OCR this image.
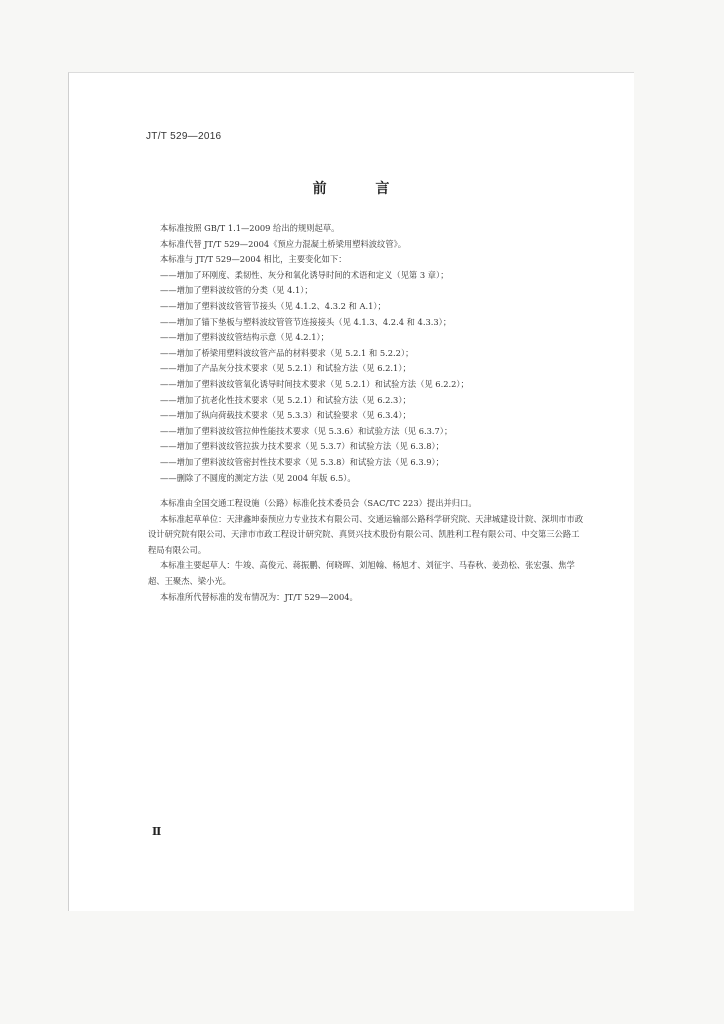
JT/T 529—2016
前 言
本标准按照 GB/T 1.1—2009 给出的规则起草。
本标准代替 JT/T 529—2004《预应力混凝土桥梁用塑料波纹管》。
本标准与 JT/T 529—2004 相比，主要变化如下：
——增加了环刚度、柔韧性、灰分和氧化诱导时间的术语和定义（见第 3 章）；
——增加了塑料波纹管的分类（见 4.1）；
——增加了塑料波纹管管节接头（见 4.1.2、4.3.2 和 A.1）；
——增加了锚下垫板与塑料波纹管管节连接接头（见 4.1.3、4.2.4 和 4.3.3）；
——增加了塑料波纹管结构示意（见 4.2.1）；
——增加了桥梁用塑料波纹管产品的材料要求（见 5.2.1 和 5.2.2）；
——增加了产品灰分技术要求（见 5.2.1）和试验方法（见 6.2.1）；
——增加了塑料波纹管氧化诱导时间技术要求（见 5.2.1）和试验方法（见 6.2.2）；
——增加了抗老化性技术要求（见 5.2.1）和试验方法（见 6.2.3）；
——增加了纵向荷载技术要求（见 5.3.3）和试验要求（见 6.3.4）；
——增加了塑料波纹管拉伸性能技术要求（见 5.3.6）和试验方法（见 6.3.7）；
——增加了塑料波纹管拉拔力技术要求（见 5.3.7）和试验方法（见 6.3.8）；
——增加了塑料波纹管密封性技术要求（见 5.3.8）和试验方法（见 6.3.9）；
——删除了不圆度的测定方法（见 2004 年版 6.5）。
本标准由全国交通工程设施（公路）标准化技术委员会（SAC/TC 223）提出并归口。
本标准起草单位：天津鑫坤泰预应力专业技术有限公司、交通运输部公路科学研究院、天津城建设计院、深圳市市政设计研究院有限公司、天津市市政工程设计研究院、真贤兴技术股份有限公司、凯胜利工程有限公司、中交第三公路工程局有限公司。
本标准主要起草人：牛竣、高俊元、蒋振鹏、何晓晖、刘旭翰、杨旭才、刘征宇、马春秋、姜劲松、张宏强、焦学超、王聚杰、梁小光。
本标准所代替标准的发布情况为：JT/T 529—2004。
Ⅱ
